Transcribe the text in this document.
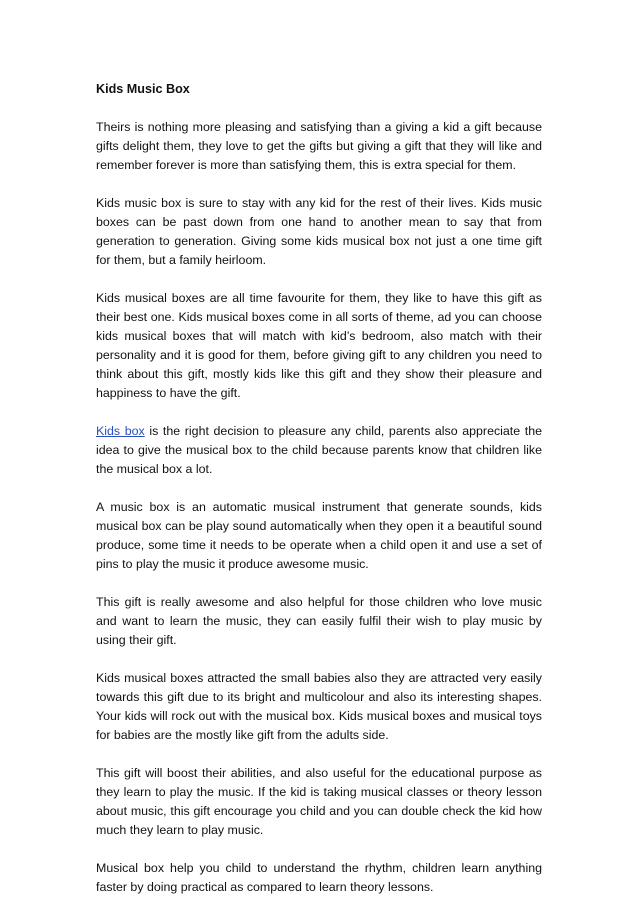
Kids Music Box

Theirs is nothing more pleasing and satisfying than a giving a kid a gift because gifts delight them, they love to get the gifts but giving a gift that they will like and remember forever is more than satisfying them, this is extra special for them.

Kids music box is sure to stay with any kid for the rest of their lives. Kids music boxes can be past down from one hand to another mean to say that from generation to generation. Giving some kids musical box not just a one time gift for them, but a family heirloom.

Kids musical boxes are all time favourite for them, they like to have this gift as their best one. Kids musical boxes come in all sorts of theme, ad you can choose kids musical boxes that will match with kid’s bedroom, also match with their personality and it is good for them, before giving gift to any children you need to think about this gift, mostly kids like this gift and they show their pleasure and happiness to have the gift.

Kids box is the right decision to pleasure any child, parents also appreciate the idea to give the musical box to the child because parents know that children like the musical box a lot.

A music box is an automatic musical instrument that generate sounds, kids musical box can be play sound automatically when they open it a beautiful sound produce, some time it needs to be operate when a child open it and use a set of pins to play the music it produce awesome music.

This gift is really awesome and also helpful for those children who love music and want to learn the music, they can easily fulfil their wish to play music by using their gift.

Kids musical boxes attracted the small babies also they are attracted very easily towards this gift due to its bright and multicolour and also its interesting shapes. Your kids will rock out with the musical box. Kids musical boxes and musical toys for babies are the mostly like gift from the adults side.

This gift will boost their abilities, and also useful for the educational purpose as they learn to play the music. If the kid is taking musical classes or theory lesson about music, this gift encourage you child and you can double check the kid how much they learn to play music.

Musical box help you child to understand the rhythm, children learn anything faster by doing practical as compared to learn theory lessons.
